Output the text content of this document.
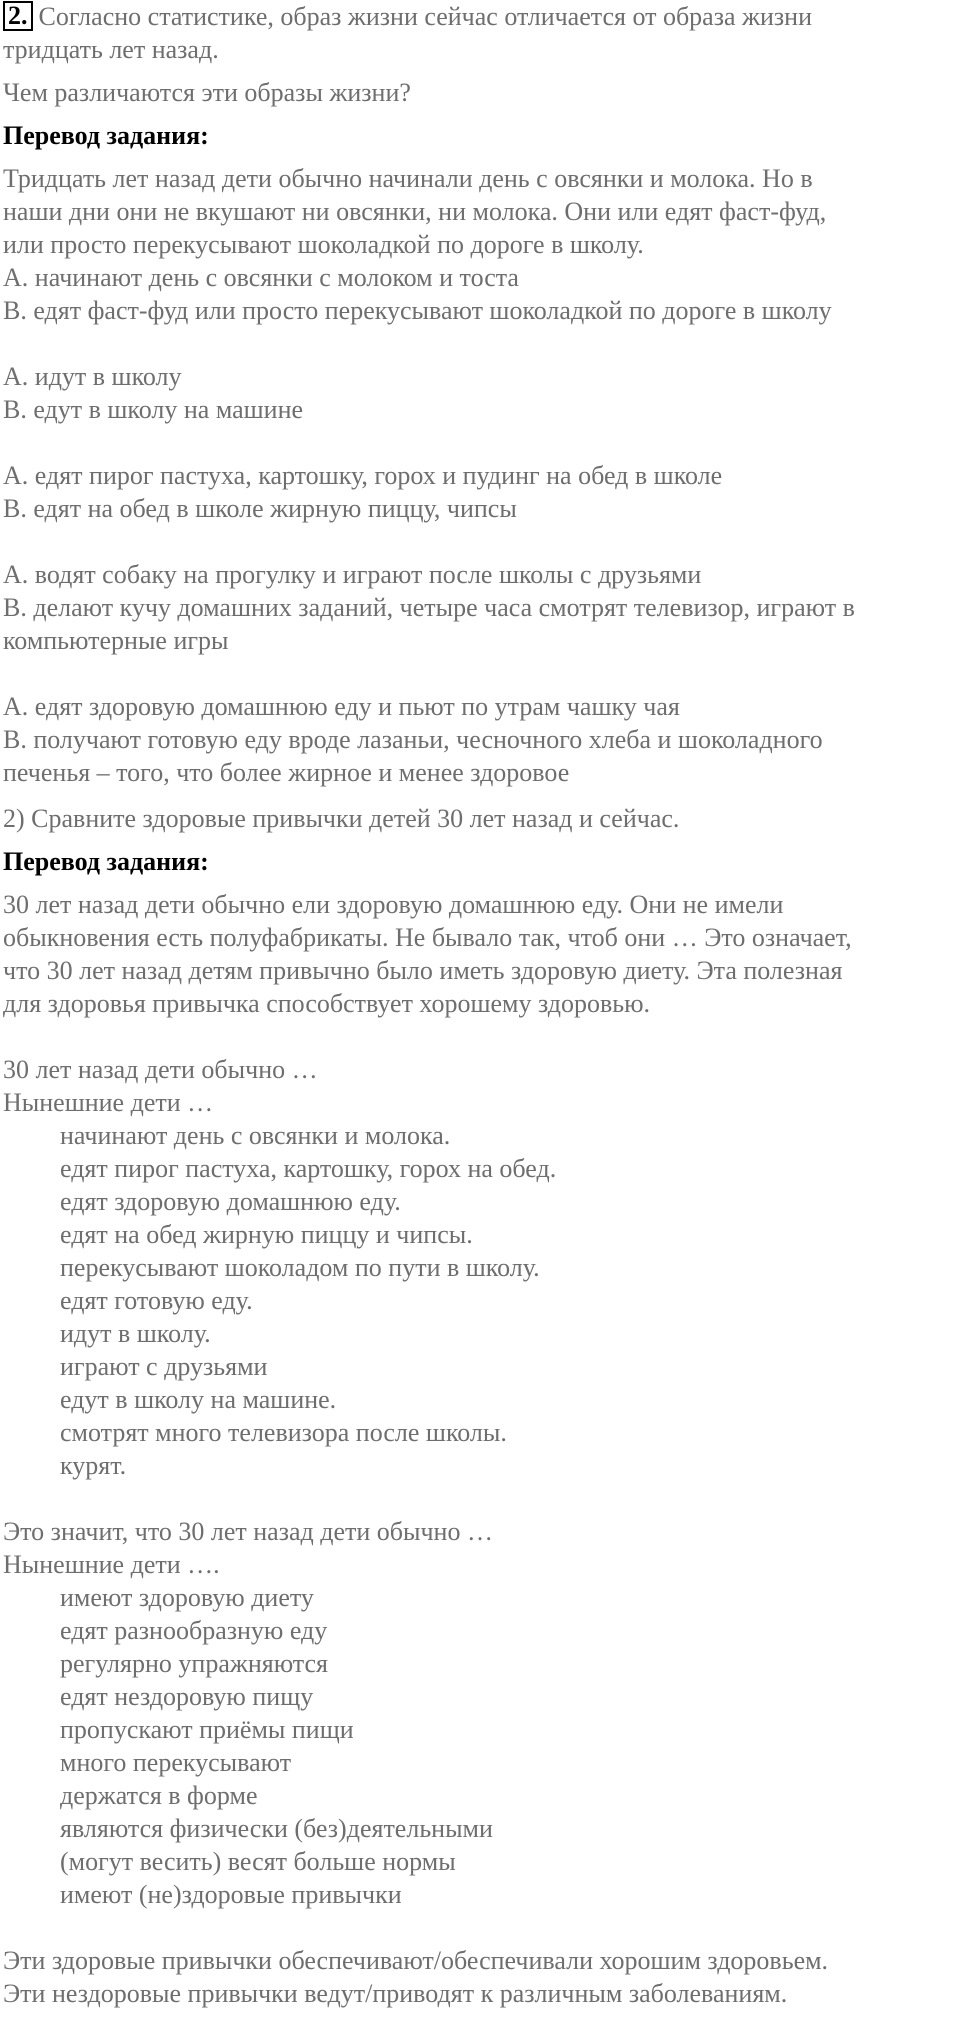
2. Согласно статистике, образ жизни сейчас отличается от образа жизни
тридцать лет назад.
Чем различаются эти образы жизни?
Перевод задания:
Тридцать лет назад дети обычно начинали день с овсянки и молока. Но в
наши дни они не вкушают ни овсянки, ни молока. Они или едят фаст-фуд,
или просто перекусывают шоколадкой по дороге в школу.
A. начинают день с овсянки с молоком и тоста
B. едят фаст-фуд или просто перекусывают шоколадкой по дороге в школу
A. идут в школу
B. едут в школу на машине
A. едят пирог пастуха, картошку, горох и пудинг на обед в школе
B. едят на обед в школе жирную пиццу, чипсы
A. водят собаку на прогулку и играют после школы с друзьями
B. делают кучу домашних заданий, четыре часа смотрят телевизор, играют в
компьютерные игры
A. едят здоровую домашнюю еду и пьют по утрам чашку чая
B. получают готовую еду вроде лазаньи, чесночного хлеба и шоколадного
печенья – того, что более жирное и менее здоровое
2) Сравните здоровые привычки детей 30 лет назад и сейчас.
Перевод задания:
30 лет назад дети обычно ели здоровую домашнюю еду. Они не имели
обыкновения есть полуфабрикаты. Не бывало так, чтоб они … Это означает,
что 30 лет назад детям привычно было иметь здоровую диету. Эта полезная
для здоровья привычка способствует хорошему здоровью.
30 лет назад дети обычно …
Нынешние дети …
начинают день с овсянки и молока.
едят пирог пастуха, картошку, горох на обед.
едят здоровую домашнюю еду.
едят на обед жирную пиццу и чипсы.
перекусывают шоколадом по пути в школу.
едят готовую еду.
идут в школу.
играют с друзьями
едут в школу на машине.
смотрят много телевизора после школы.
курят.
Это значит, что 30 лет назад дети обычно …
Нынешние дети ….
имеют здоровую диету
едят разнообразную еду
регулярно упражняются
едят нездоровую пищу
пропускают приёмы пищи
много перекусывают
держатся в форме
являются физически (без)деятельными
(могут весить) весят больше нормы
имеют (не)здоровые привычки
Эти здоровые привычки обеспечивают/обеспечивали хорошим здоровьем.
Эти нездоровые привычки ведут/приводят к различным заболеваниям.
